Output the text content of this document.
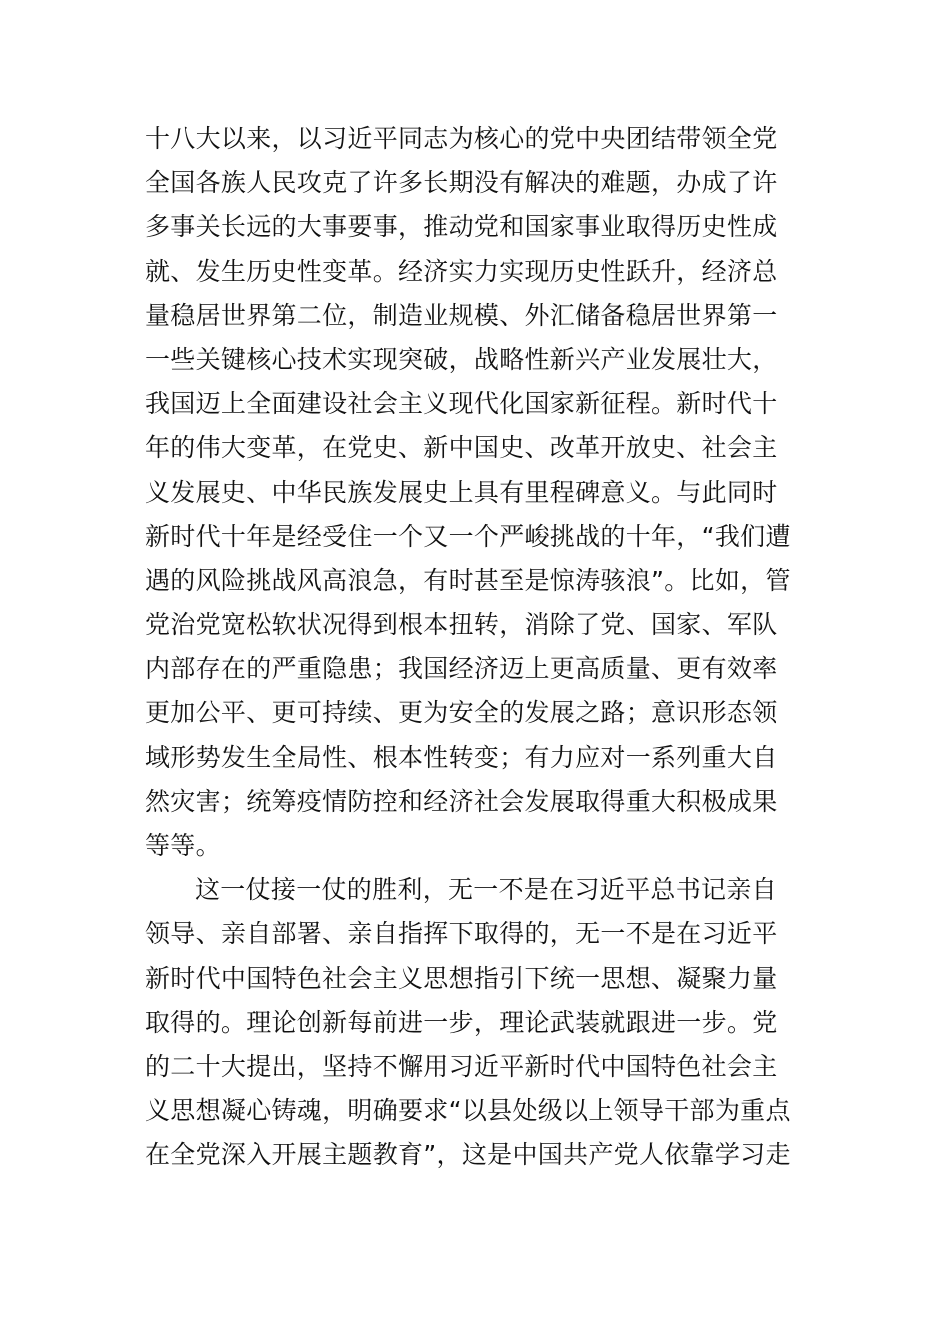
十八大以来，以习近平同志为核心的党中央团结带领全党
全国各族人民攻克了许多长期没有解决的难题，办成了许
多事关长远的大事要事，推动党和国家事业取得历史性成
就、发生历史性变革。经济实力实现历史性跃升，经济总
量稳居世界第二位，制造业规模、外汇储备稳居世界第一
一些关键核心技术实现突破，战略性新兴产业发展壮大，
我国迈上全面建设社会主义现代化国家新征程。新时代十
年的伟大变革，在党史、新中国史、改革开放史、社会主
义发展史、中华民族发展史上具有里程碑意义。与此同时
新时代十年是经受住一个又一个严峻挑战的十年，“我们遭
遇的风险挑战风高浪急，有时甚至是惊涛骇浪”。比如，管
党治党宽松软状况得到根本扭转，消除了党、国家、军队
内部存在的严重隐患；我国经济迈上更高质量、更有效率
更加公平、更可持续、更为安全的发展之路；意识形态领
域形势发生全局性、根本性转变；有力应对一系列重大自
然灾害；统筹疫情防控和经济社会发展取得重大积极成果
等等。

这一仗接一仗的胜利，无一不是在习近平总书记亲自
领导、亲自部署、亲自指挥下取得的，无一不是在习近平
新时代中国特色社会主义思想指引下统一思想、凝聚力量
取得的。理论创新每前进一步，理论武装就跟进一步。党
的二十大提出，坚持不懈用习近平新时代中国特色社会主
义思想凝心铸魂，明确要求“以县处级以上领导干部为重点
在全党深入开展主题教育”，这是中国共产党人依靠学习走
